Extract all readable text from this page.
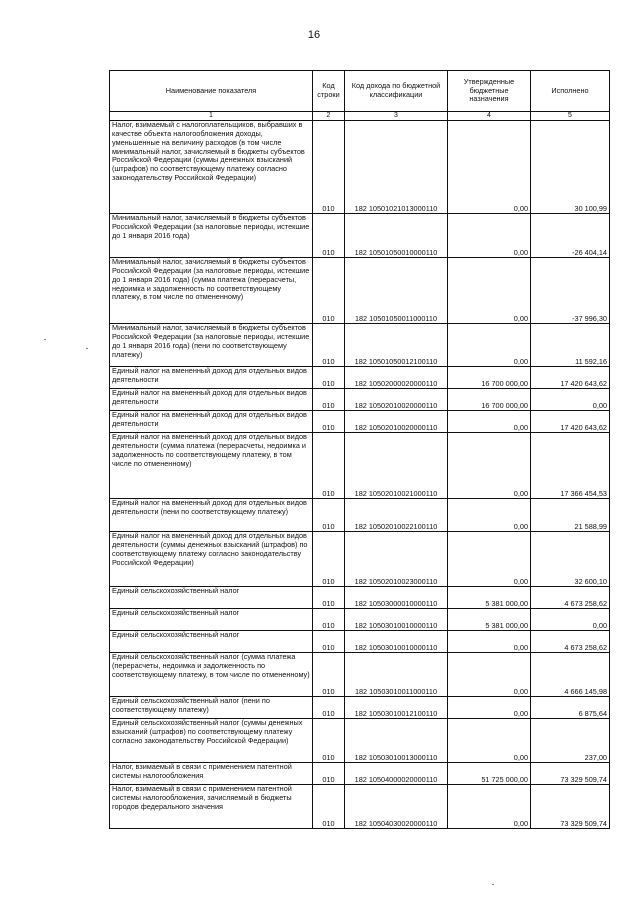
16
Наименование показателя	Код строки	Код дохода по бюджетной классификации	Утвержденные бюджетные назначения	Исполнено
1	2	3	4	5
Налог, взимаемый с налогоплательщиков, выбравших в качестве объекта налогообложения доходы, уменьшенные на величину расходов (в том числе минимальный налог, зачисляемый в бюджеты субъектов Российской Федерации (суммы денежных взысканий (штрафов) по соответствующему платежу согласно законодательству Российской Федерации)	010	182 10501021013000110	0,00	30 100,99
Минимальный налог, зачисляемый в бюджеты субъектов Российской Федерации (за налоговые периоды, истекшие до 1 января 2016 года)	010	182 10501050010000110	0,00	-26 404,14
Минимальный налог, зачисляемый в бюджеты субъектов Российской Федерации (за налоговые периоды, истекшие до 1 января 2016 года) (сумма платежа (перерасчеты, недоимка и задолженность по соответствующему платежу, в том числе по отмененному)	010	182 10501050011000110	0,00	-37 996,30
Минимальный налог, зачисляемый в бюджеты субъектов Российской Федерации (за налоговые периоды, истекшие до 1 января 2016 года) (пени по соответствующему платежу)	010	182 10501050012100110	0,00	11 592,16
Единый налог на вмененный доход для отдельных видов деятельности	010	182 10502000020000110	16 700 000,00	17 420 643,62
Единый налог на вмененный доход для отдельных видов деятельности	010	182 10502010020000110	16 700 000,00	0,00
Единый налог на вмененный доход для отдельных видов деятельности	010	182 10502010020000110	0,00	17 420 643,62
Единый налог на вмененный доход для отдельных видов деятельности (сумма платежа (перерасчеты, недоимка и задолженность по соответствующему платежу, в том числе по отмененному)	010	182 10502010021000110	0,00	17 366 454,53
Единый налог на вмененный доход для отдельных видов деятельности (пени по соответствующему платежу)	010	182 10502010022100110	0,00	21 588,99
Единый налог на вмененный доход для отдельных видов деятельности (суммы денежных взысканий (штрафов) по соответствующему платежу согласно законодательству Российской Федерации)	010	182 10502010023000110	0,00	32 600,10
Единый сельскохозяйственный налог	010	182 10503000010000110	5 381 000,00	4 673 258,62
Единый сельскохозяйственный налог	010	182 10503010010000110	5 381 000,00	0,00
Единый сельскохозяйственный налог	010	182 10503010010000110	0,00	4 673 258,62
Единый сельскохозяйственный налог (сумма платежа (перерасчеты, недоимка и задолженность по соответствующему платежу, в том числе по отмененному)	010	182 10503010011000110	0,00	4 666 145,98
Единый сельскохозяйственный налог (пени по соответствующему платежу)	010	182 10503010012100110	0,00	6 875,64
Единый сельскохозяйственный налог (суммы денежных взысканий (штрафов) по соответствующему платежу согласно законодательству Российской Федерации)	010	182 10503010013000110	0,00	237,00
Налог, взимаемый в связи с применением патентной системы налогообложения	010	182 10504000020000110	51 725 000,00	73 329 509,74
Налог, взимаемый в связи с применением патентной системы налогообложения, зачисляемый в бюджеты городов федерального значения	010	182 10504030020000110	0,00	73 329 509,74
